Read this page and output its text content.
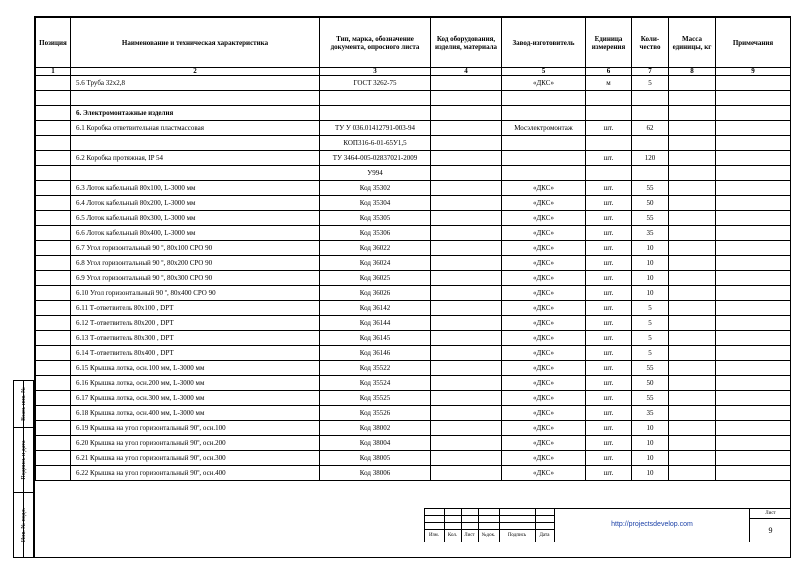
Позиция	Наименование и техническая характеристика	Тип, марка, обозначение документа, опросного листа	Код оборудования, изделия, материала	Завод-изготовитель	Единица измерения	Коли-чество	Масса единицы, кг	Примечания
1	2	3	4	5	6	7	8	9
	5.6 Труба 32х2,8	ГОСТ 3262-75		«ДКС»	м	5		

	6. Электромонтажные изделия							
	6.1 Коробка ответвительная пластмассовая	ТУ У 036.01412791-003-94		Мосэлектромонтаж	шт.	62		
		КОП316-6-01-65У1,5						
	6.2 Коробка протяжная, IP 54	ТУ 3464-005-02837021-2009			шт.	120		
		У994						
	6.3 Лоток кабельный 80х100, L-3000 мм	Код 35302		«ДКС»	шт.	55		
	6.4 Лоток кабельный 80х200, L-3000 мм	Код 35304		«ДКС»	шт.	50		
	6.5 Лоток кабельный 80х300, L-3000 мм	Код 35305		«ДКС»	шт.	55		
	6.6 Лоток кабельный 80х400, L-3000 мм	Код 35306		«ДКС»	шт.	35		
	6.7 Угол горизонтальный 90 º, 80х100 CPO 90	Код 36022		«ДКС»	шт.	10		
	6.8 Угол горизонтальный 90 º, 80х200 CPO 90	Код 36024		«ДКС»	шт.	10		
	6.9 Угол горизонтальный 90 º, 80х300 CPO 90	Код 36025		«ДКС»	шт.	10		
	6.10 Угол горизонтальный 90 º, 80х400 CPO 90	Код 36026		«ДКС»	шт.	10		
	6.11 Т-ответвитель 80х100 , DPT	Код 36142		«ДКС»	шт.	5		
	6.12 Т-ответвитель 80х200 , DPT	Код 36144		«ДКС»	шт.	5		
	6.13 Т-ответвитель 80х300 , DPT	Код 36145		«ДКС»	шт.	5		
	6.14 Т-ответвитель 80х400 , DPT	Код 36146		«ДКС»	шт.	5		
	6.15 Крышка лотка, осн.100 мм, L-3000 мм	Код 35522		«ДКС»	шт.	55		
	6.16 Крышка лотка, осн.200 мм, L-3000 мм	Код 35524		«ДКС»	шт.	50		
	6.17 Крышка лотка, осн.300 мм, L-3000 мм	Код 35525		«ДКС»	шт.	55		
	6.18 Крышка лотка, осн.400 мм, L-3000 мм	Код 35526		«ДКС»	шт.	35		
	6.19 Крышка на угол горизонтальный 90º, осн.100	Код 38002		«ДКС»	шт.	10		
	6.20 Крышка на угол горизонтальный 90º, осн.200	Код 38004		«ДКС»	шт.	10		
	6.21 Крышка на угол горизонтальный 90º, осн.300	Код 38005		«ДКС»	шт.	10		
	6.22 Крышка на угол горизонтальный 90º, осн.400	Код 38006		«ДКС»	шт.	10		
Взам. инв. №
Подпись и дата
Инв. № подл.	Изм.	Кол.	Лист	№док.	Подпись	Дата
http://projectsdevelop.com
Лист
9
